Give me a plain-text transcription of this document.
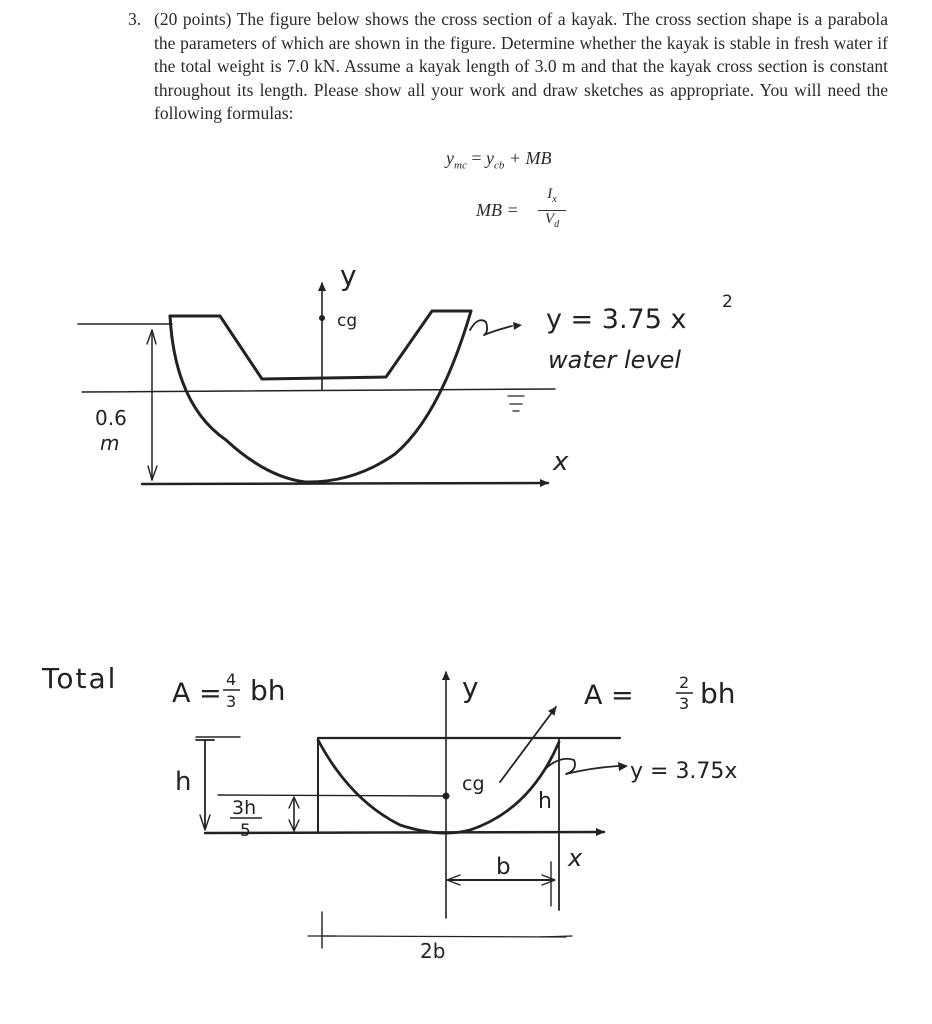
3. (20 points) The figure below shows the cross section of a kayak. The cross section shape is a parabola the parameters of which are shown in the figure. Determine whether the kayak is stable in fresh water if the total weight is 7.0 kN. Assume a kayak length of 3.0 m and that the kayak cross section is constant throughout its length. Please show all your work and draw sketches as appropriate. You will need the following formulas:
$y_{mc} = y_{cb}$ + MB
MB =
$I_x$
$V_d$
y
cg	y = 3.75 x
2
water level
x
0.6
m
Total A = 4
3 bh
h
3h
5
y
cg
h
A =	2
3 bh
y = 3.75x
x
b
2b
